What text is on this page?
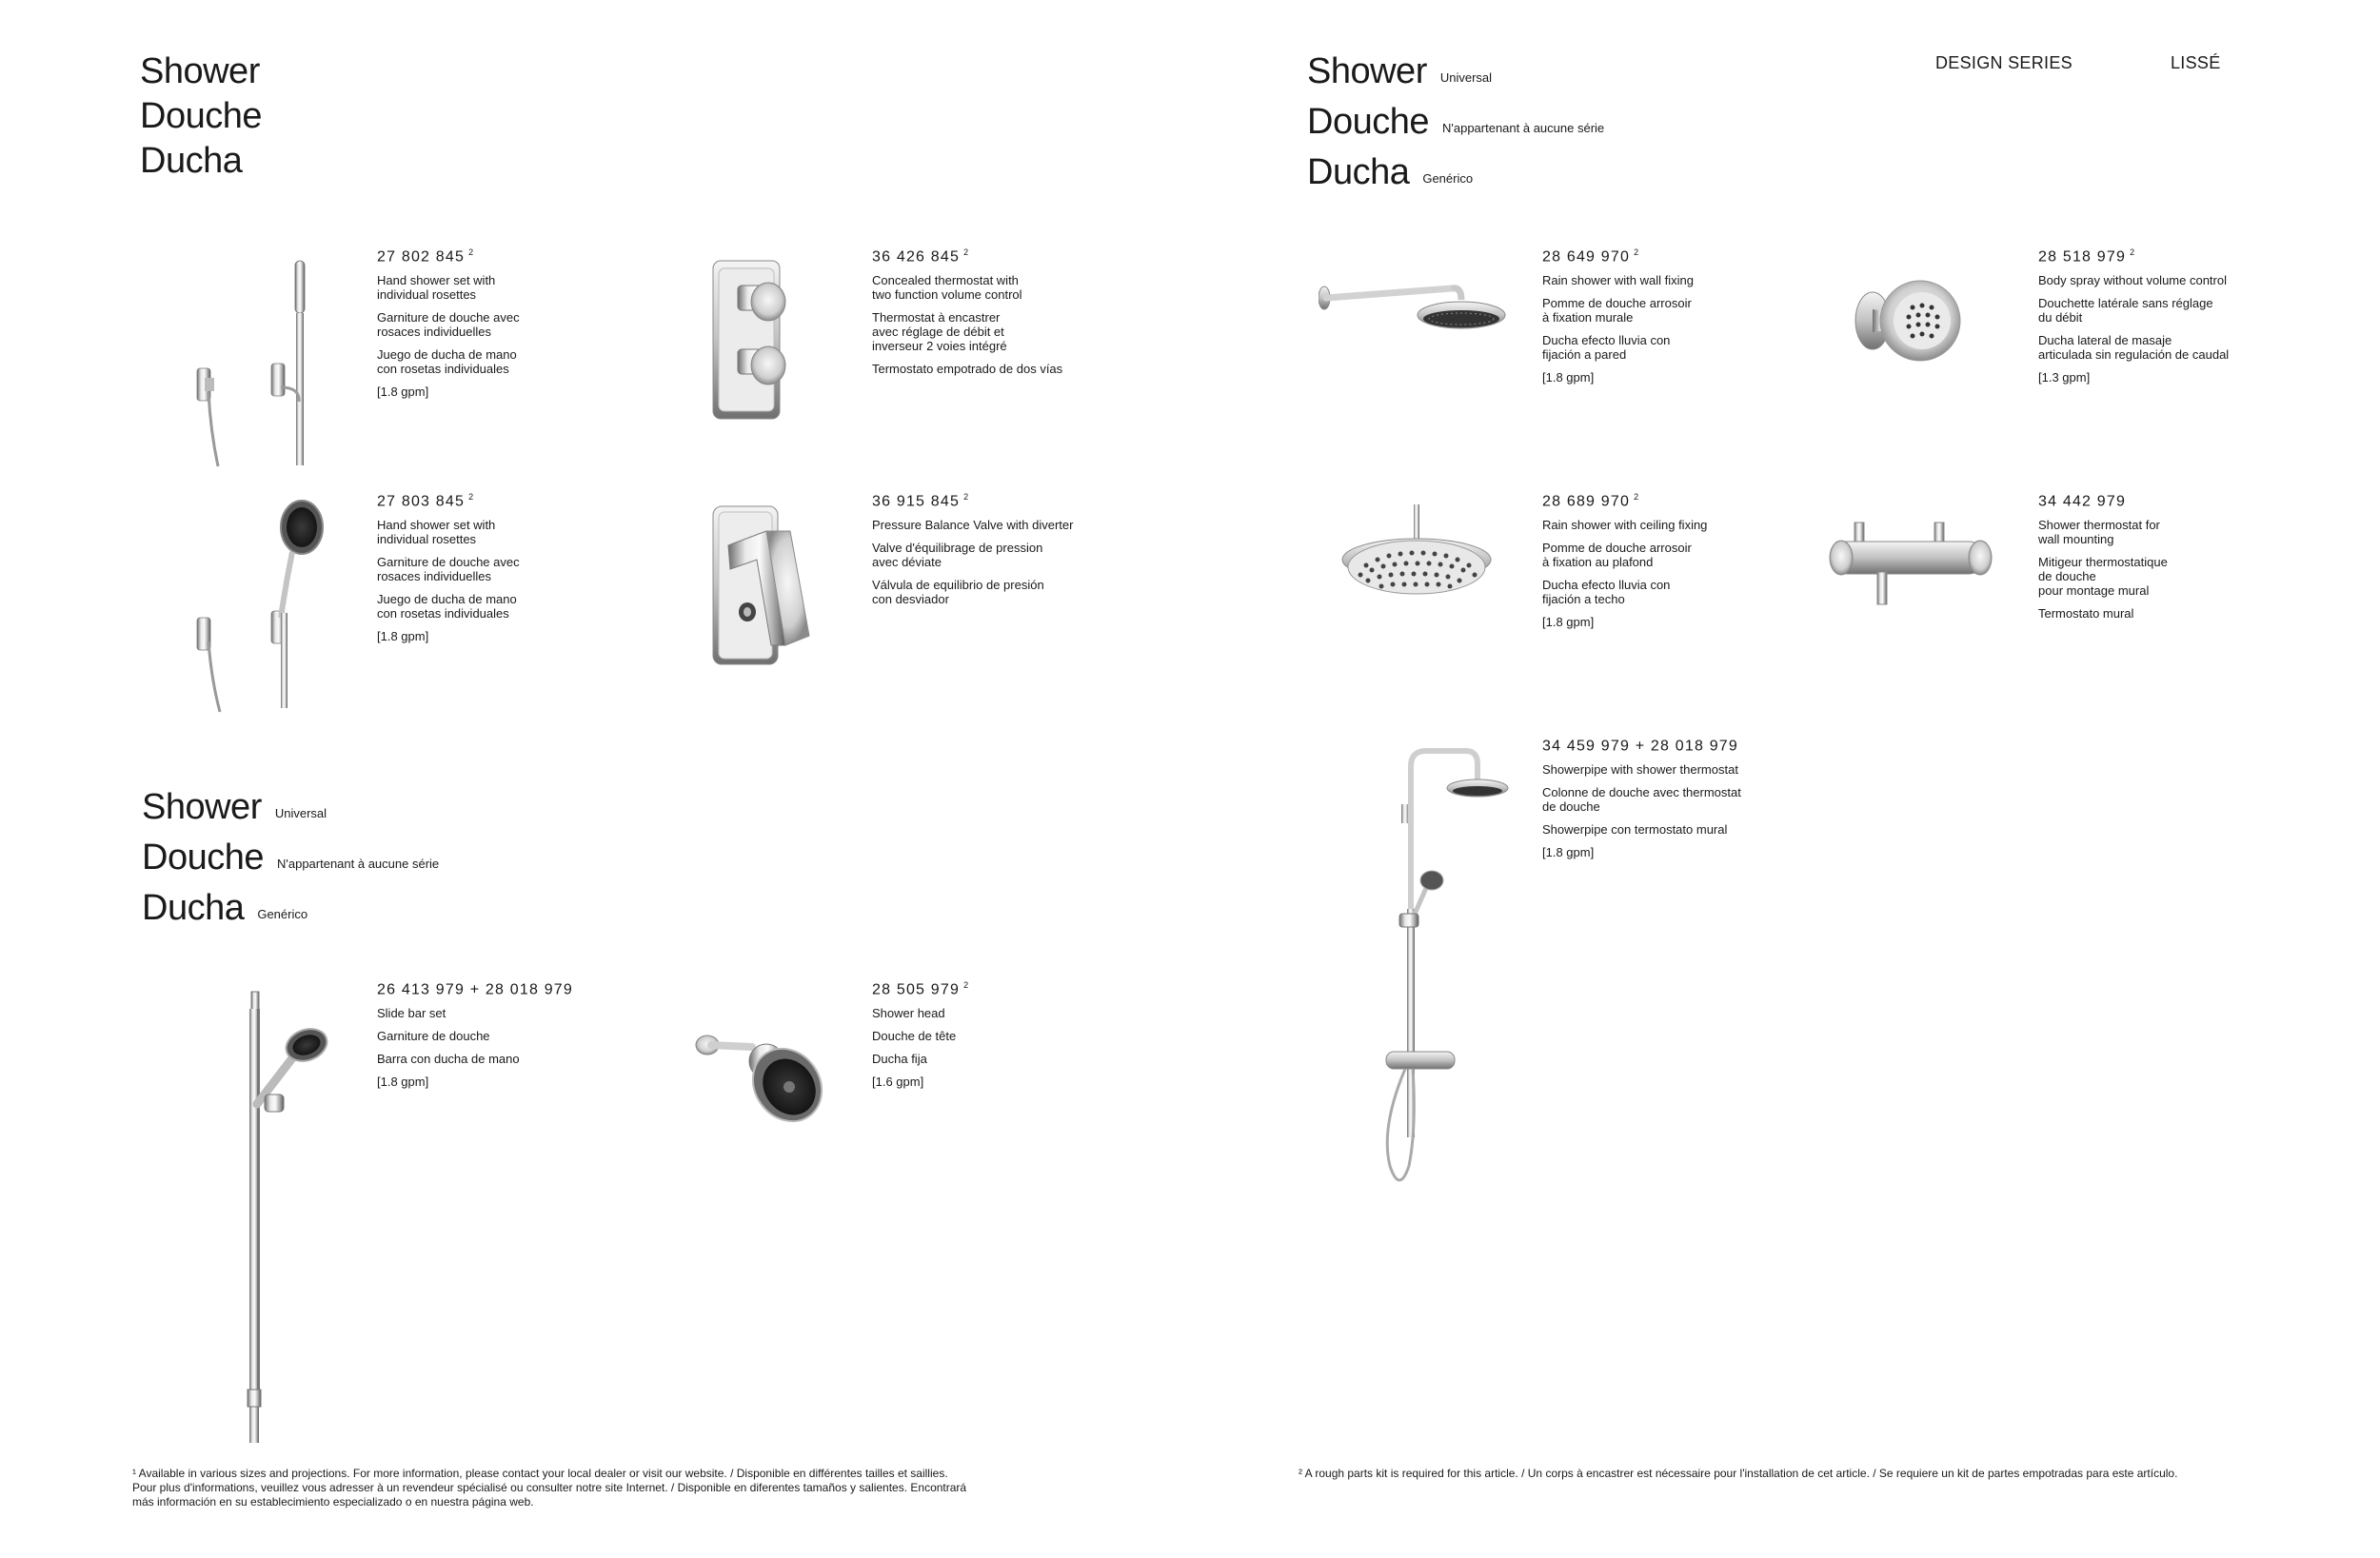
DESIGN SERIES	LISSÉ
Shower
Douche
Ducha
Shower Universal
Douche N'appartenant à aucune série
Ducha Genérico
Shower Universal
Douche N'appartenant à aucune série
Ducha Genérico
27 802 845 $^2$
Hand shower set with
individual rosettes
Garniture de douche avec
rosaces individuelles
Juego de ducha de mano
con rosetas individuales
[1.8 gpm]
36 426 845 $^2$
Concealed thermostat with
two function volume control
Thermostat à encastrer
avec réglage de débit et
inverseur 2 voies intégré
Termostato empotrado de dos vías
27 803 845 $^2$
Hand shower set with
individual rosettes
Garniture de douche avec
rosaces individuelles
Juego de ducha de mano
con rosetas individuales
[1.8 gpm]
36 915 845 $^2$
Pressure Balance Valve with diverter
Valve d'équilibrage de pression
avec déviate
Válvula de equilibrio de presión
con desviador
26 413 979 + 28 018 979
Slide bar set
Garniture de douche
Barra con ducha de mano
[1.8 gpm]
28 505 979 $^2$
Shower head
Douche de tête
Ducha fija
[1.6 gpm]
28 649 970 $^2$
Rain shower with wall fixing
Pomme de douche arrosoir
à fixation murale
Ducha efecto lluvia con
fijación a pared
[1.8 gpm]
28 518 979 $^2$
Body spray without volume control
Douchette latérale sans réglage
du débit
Ducha lateral de masaje
articulada sin regulación de caudal
[1.3 gpm]
28 689 970 $^2$
Rain shower with ceiling fixing
Pomme de douche arrosoir
à fixation au plafond
Ducha efecto lluvia con
fijación a techo
[1.8 gpm]
34 442 979
Shower thermostat for
wall mounting
Mitigeur thermostatique
de douche
pour montage mural
Termostato mural
34 459 979 + 28 018 979
Showerpipe with shower thermostat
Colonne de douche avec thermostat
de douche
Showerpipe con termostato mural
[1.8 gpm]
¹ Available in various sizes and projections. For more information, please contact your local dealer or visit our website. / Disponible en différentes tailles et saillies.
Pour plus d'informations, veuillez vous adresser à un revendeur spécialisé ou consulter notre site Internet. / Disponible en diferentes tamaños y salientes. Encontrará
más información en su establecimiento especializado o en nuestra página web.
² A rough parts kit is required for this article. / Un corps à encastrer est nécessaire pour l'installation de cet article. / Se requiere un kit de partes empotradas para este artículo.
